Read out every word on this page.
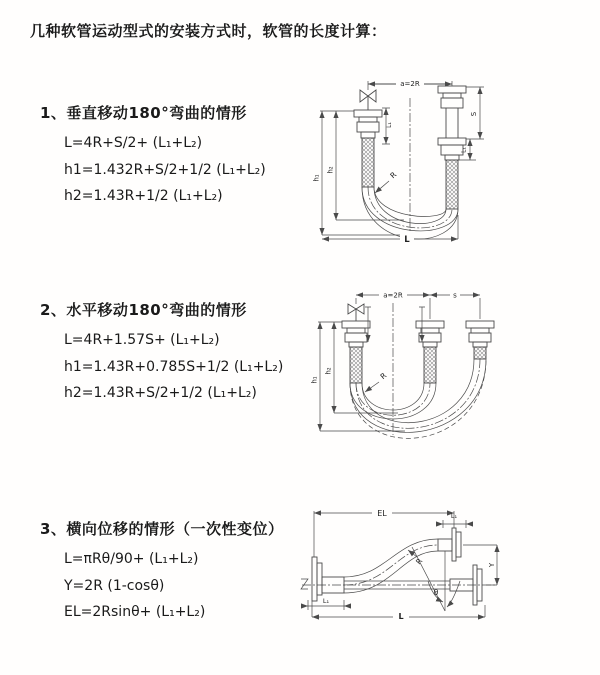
几种软管运动型式的安装方式时，软管的长度计算：

1、垂直移动180°弯曲的情形

L=4R+S/2+ (L₁+L₂)

h1=1.432R+S/2+1/2 (L₁+L₂)

h2=1.43R+1/2 (L₁+L₂)

2、水平移动180°弯曲的情形

L=4R+1.57S+ (L₁+L₂)

h1=1.43R+0.785S+1/2 (L₁+L₂)

h2=1.43R+S/2+1/2 (L₁+L₂)

3、横向位移的情形（一次性变位）

L=πRθ/90+ (L₁+L₂)

Y=2R (1-cosθ)

EL=2Rsinθ+ (L₁+L₂)

a=2R
h₁
h₂
L₁
S
L₁
R
L
a=2R	s
h₁
h₂	R
EL	L₁
Y
R
θ
L₁
L
